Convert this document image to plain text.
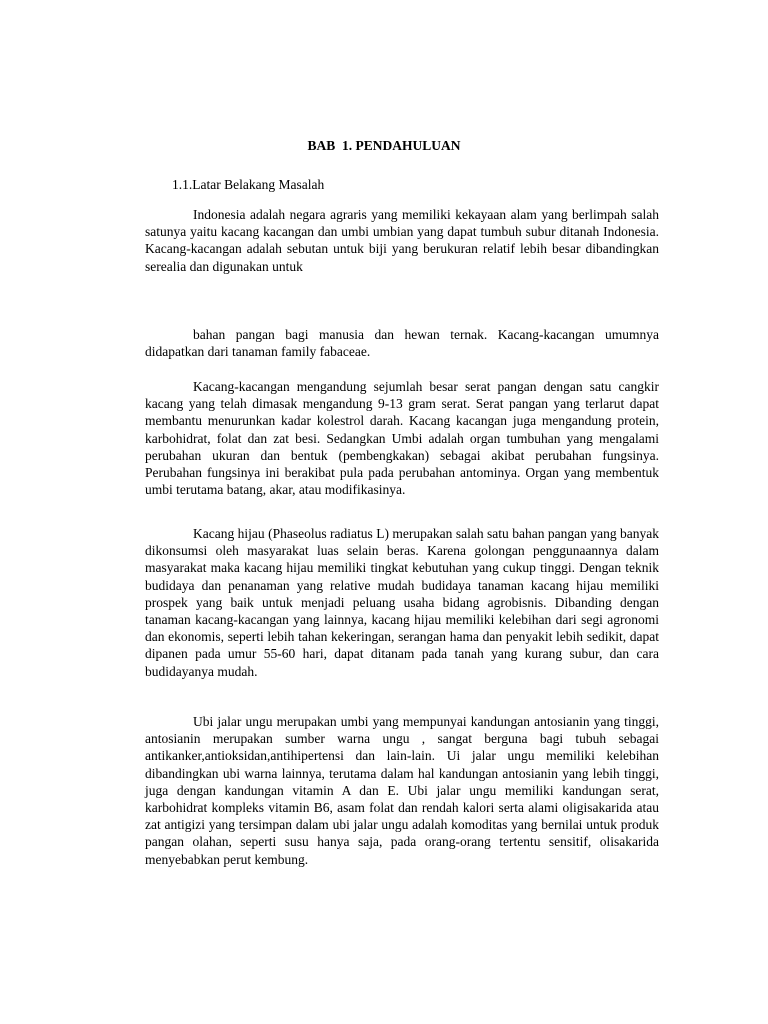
BAB  1. PENDAHULUAN
1.1.Latar Belakang Masalah

Indonesia adalah negara agraris yang memiliki kekayaan alam yang berlimpah salah satunya yaitu kacang kacangan dan umbi umbian yang dapat tumbuh subur ditanah Indonesia. Kacang-kacangan adalah sebutan untuk biji yang berukuran relatif lebih besar dibandingkan serealia dan digunakan untuk

bahan pangan bagi manusia dan hewan ternak. Kacang-kacangan umumnya didapatkan dari tanaman family fabaceae.

Kacang-kacangan mengandung sejumlah besar serat pangan dengan satu cangkir kacang yang telah dimasak mengandung 9-13 gram serat. Serat pangan yang terlarut dapat membantu menurunkan kadar kolestrol darah. Kacang kacangan juga mengandung protein, karbohidrat, folat dan zat besi. Sedangkan Umbi adalah organ tumbuhan yang mengalami perubahan ukuran dan bentuk (pembengkakan) sebagai akibat perubahan fungsinya. Perubahan fungsinya ini berakibat pula pada perubahan antominya. Organ yang membentuk umbi terutama batang, akar, atau modifikasinya.

Kacang hijau (Phaseolus radiatus L) merupakan salah satu bahan pangan yang banyak dikonsumsi oleh masyarakat luas selain beras. Karena golongan penggunaannya dalam masyarakat maka kacang hijau memiliki tingkat kebutuhan yang cukup tinggi. Dengan teknik budidaya dan penanaman yang relative mudah budidaya tanaman kacang hijau memiliki prospek yang baik untuk menjadi peluang usaha bidang agrobisnis. Dibanding dengan tanaman kacang-kacangan yang lainnya, kacang hijau memiliki kelebihan dari segi agronomi dan ekonomis, seperti lebih tahan kekeringan, serangan hama dan penyakit lebih sedikit, dapat dipanen pada umur 55-60 hari, dapat ditanam pada tanah yang kurang subur, dan cara budidayanya mudah.

Ubi jalar ungu merupakan umbi yang mempunyai kandungan antosianin yang tinggi, antosianin merupakan sumber warna ungu , sangat berguna bagi tubuh sebagai antikanker,antioksidan,antihipertensi dan lain-lain. Ui jalar ungu memiliki kelebihan dibandingkan ubi warna lainnya, terutama dalam hal kandungan antosianin yang lebih tinggi, juga dengan kandungan vitamin A dan E. Ubi jalar ungu memiliki kandungan serat, karbohidrat kompleks vitamin B6, asam folat dan rendah kalori serta alami oligisakarida atau zat antigizi yang tersimpan dalam ubi jalar ungu adalah komoditas yang bernilai untuk produk pangan olahan, seperti susu hanya saja, pada orang-orang tertentu sensitif, olisakarida menyebabkan perut kembung.
